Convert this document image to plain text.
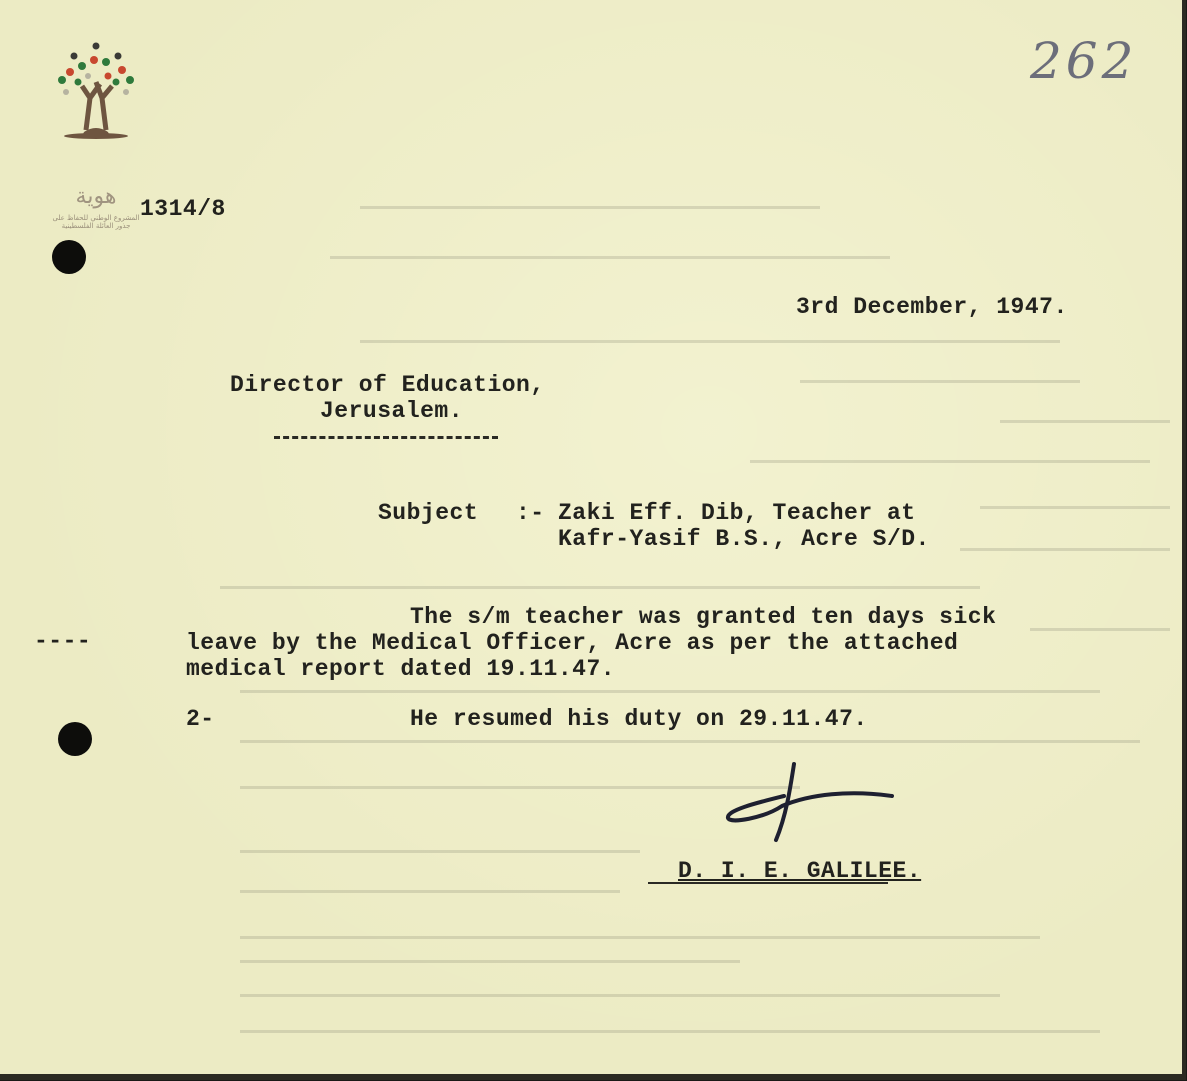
هوية
المشروع الوطني للحفاظ على
جذور العائلة الفلسطينية
262
1314/8
3rd December, 1947.
Director of Education,
Jerusalem.
Subject :- Zaki Eff. Dib, Teacher at
Kafr-Yasif B.S., Acre S/D.
----
The s/m teacher was granted ten days sick
leave by the Medical Officer, Acre as per the attached
medical report dated 19.11.47.
2-	He resumed his duty on 29.11.47.
D. I. E. GALILEE.
